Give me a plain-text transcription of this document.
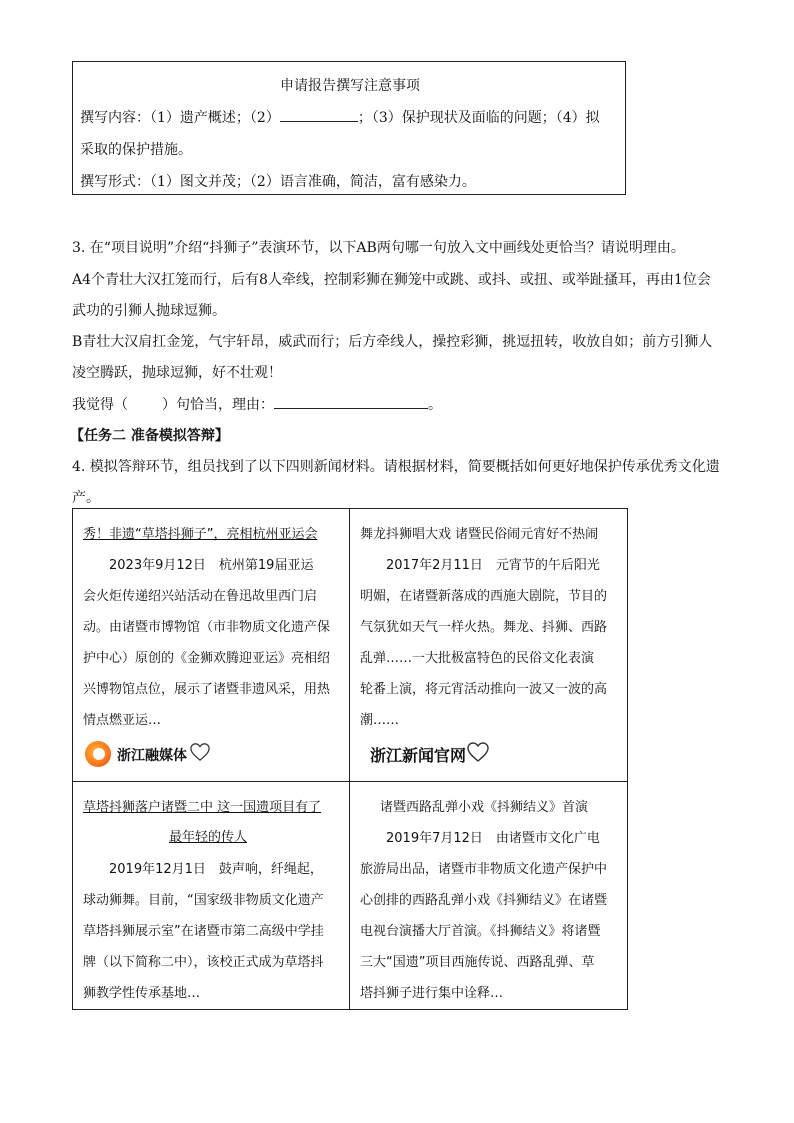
申请报告撰写注意事项
撰写内容：（1）遗产概述；（2）	；（3）保护现状及面临的问题；（4）拟
采取的保护措施。
撰写形式：（1）图文并茂；（2）语言准确，简洁，富有感染力。
3. 在“项目说明”介绍“抖狮子”表演环节，以下AB两句哪一句放入文中画线处更恰当？请说明理由。
A4个青壮大汉扛笼而行，后有8人牵线，控制彩狮在狮笼中或跳、或抖、或扭、或举趾搔耳，再由1位会
武功的引狮人抛球逗狮。
B青壮大汉肩扛金笼，气宇轩昂，威武而行；后方牵线人，操控彩狮，挑逗扭转，收放自如；前方引狮人
凌空腾跃，抛球逗狮，好不壮观！
我觉得（ ）句恰当，理由：	。
【任务二 准备模拟答辩】
4. 模拟答辩环节，组员找到了以下四则新闻材料。请根据材料，简要概括如何更好地保护传承优秀文化遗
产。
秀！非遗“草塔抖狮子”，亮相杭州亚运会
2023年9月12日　杭州第19届亚运
会火炬传递绍兴站活动在鲁迅故里西门启
动。由诸暨市博物馆（市非物质文化遗产保
护中心）原创的《金狮欢腾迎亚运》亮相绍
兴博物馆点位，展示了诸暨非遗风采，用热
情点燃亚运…
浙江融媒体
舞龙抖狮唱大戏 诸暨民俗闹元宵好不热闹
2017年2月11日　元宵节的午后阳光
明媚，在诸暨新落成的西施大剧院，节目的
气氛犹如天气一样火热。舞龙、抖狮、西路
乱弹……一大批极富特色的民俗文化表演
轮番上演，将元宵活动推向一波又一波的高
潮……
浙江新闻官网
草塔抖狮落户诸暨二中 这一国遗项目有了
最年轻的传人
2019年12月1日　鼓声响，纤绳起，
球动狮舞。目前，“国家级非物质文化遗产
草塔抖狮展示室”在诸暨市第二高级中学挂
牌（以下简称二中），该校正式成为草塔抖
狮教学性传承基地…
诸暨西路乱弹小戏《抖狮结义》首演
2019年7月12日　由诸暨市文化广电
旅游局出品，诸暨市非物质文化遗产保护中
心创排的西路乱弹小戏《抖狮结义》在诸暨
电视台演播大厅首演。《抖狮结义》将诸暨
三大“国遗”项目西施传说、西路乱弹、草
塔抖狮子进行集中诠释…
